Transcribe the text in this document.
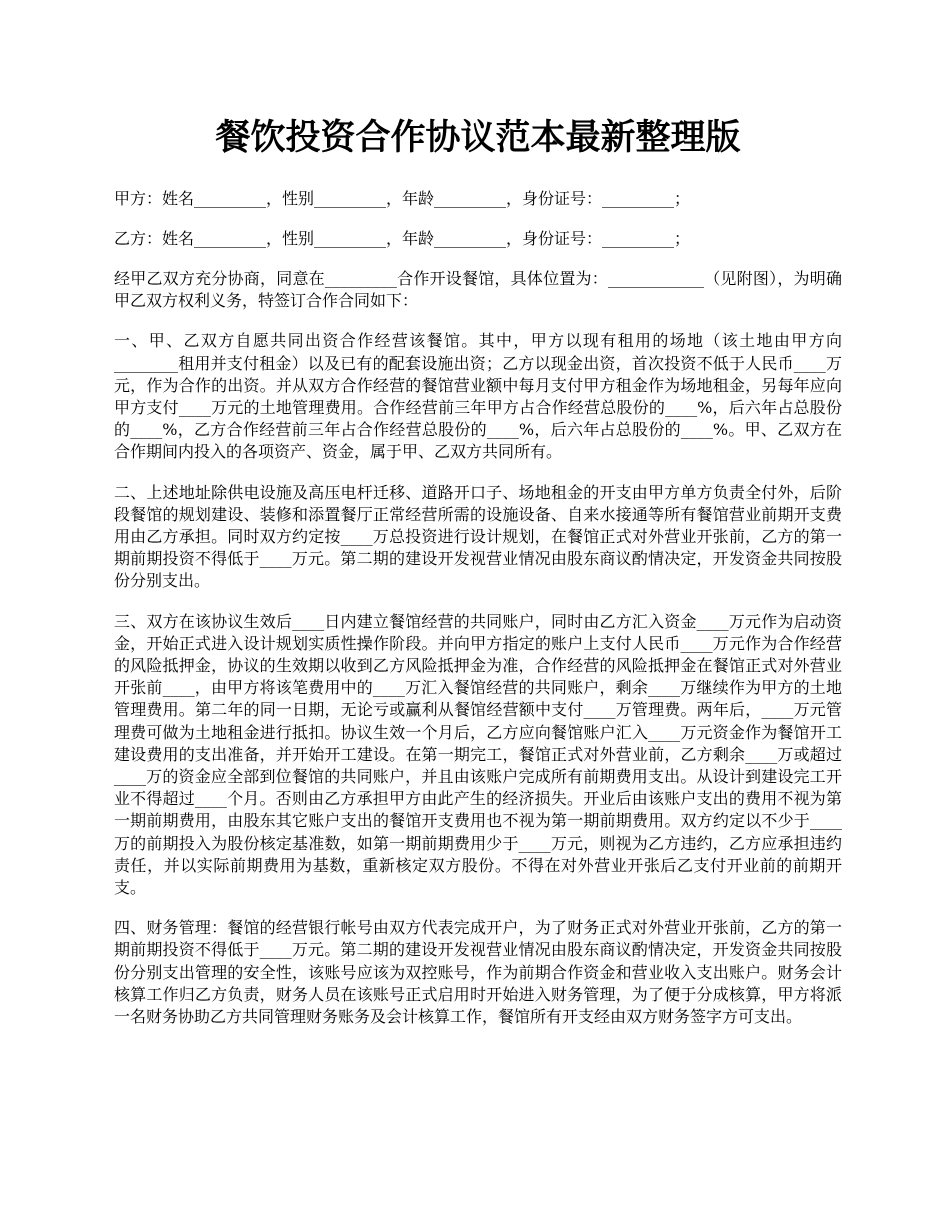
餐饮投资合作协议范本最新整理版

甲方：姓名_________，性别_________，年龄_________，身份证号：_________；

乙方：姓名_________，性别_________，年龄_________，身份证号：_________；

经甲乙双方充分协商，同意在_________合作开设餐馆，具体位置为：____________（见附图），为明确甲乙双方权利义务，特签订合作合同如下：

一、甲、乙双方自愿共同出资合作经营该餐馆。其中，甲方以现有租用的场地（该土地由甲方向________租用并支付租金）以及已有的配套设施出资；乙方以现金出资，首次投资不低于人民币____万元，作为合作的出资。并从双方合作经营的餐馆营业额中每月支付甲方租金作为场地租金，另每年应向甲方支付____万元的土地管理费用。合作经营前三年甲方占合作经营总股份的____%，后六年占总股份的____%，乙方合作经营前三年占合作经营总股份的____%，后六年占总股份的____%。甲、乙双方在合作期间内投入的各项资产、资金，属于甲、乙双方共同所有。

二、上述地址除供电设施及高压电杆迁移、道路开口子、场地租金的开支由甲方单方负责全付外，后阶段餐馆的规划建设、装修和添置餐厅正常经营所需的设施设备、自来水接通等所有餐馆营业前期开支费用由乙方承担。同时双方约定按____万总投资进行设计规划，在餐馆正式对外营业开张前，乙方的第一期前期投资不得低于____万元。第二期的建设开发视营业情况由股东商议酌情决定，开发资金共同按股份分别支出。

三、双方在该协议生效后____日内建立餐馆经营的共同账户，同时由乙方汇入资金____万元作为启动资金，开始正式进入设计规划实质性操作阶段。并向甲方指定的账户上支付人民币____万元作为合作经营的风险抵押金，协议的生效期以收到乙方风险抵押金为准，合作经营的风险抵押金在餐馆正式对外营业开张前____，由甲方将该笔费用中的____万汇入餐馆经营的共同账户，剩余____万继续作为甲方的土地管理费用。第二年的同一日期，无论亏或赢利从餐馆经营额中支付____万管理费。两年后，____万元管理费可做为土地租金进行抵扣。协议生效一个月后，乙方应向餐馆账户汇入____万元资金作为餐馆开工建设费用的支出准备，并开始开工建设。在第一期完工，餐馆正式对外营业前，乙方剩余____万或超过____万的资金应全部到位餐馆的共同账户，并且由该账户完成所有前期费用支出。从设计到建设完工开业不得超过____个月。否则由乙方承担甲方由此产生的经济损失。开业后由该账户支出的费用不视为第一期前期费用，由股东其它账户支出的餐馆开支费用也不视为第一期前期费用。双方约定以不少于____万的前期投入为股份核定基准数，如第一期前期费用少于____万元，则视为乙方违约，乙方应承担违约责任，并以实际前期费用为基数，重新核定双方股份。不得在对外营业开张后乙支付开业前的前期开支。

四、财务管理：餐馆的经营银行帐号由双方代表完成开户，为了财务正式对外营业开张前，乙方的第一期前期投资不得低于____万元。第二期的建设开发视营业情况由股东商议酌情决定，开发资金共同按股份分别支出管理的安全性，该账号应该为双控账号，作为前期合作资金和营业收入支出账户。财务会计核算工作归乙方负责，财务人员在该账号正式启用时开始进入财务管理，为了便于分成核算，甲方将派一名财务协助乙方共同管理财务账务及会计核算工作，餐馆所有开支经由双方财务签字方可支出。
